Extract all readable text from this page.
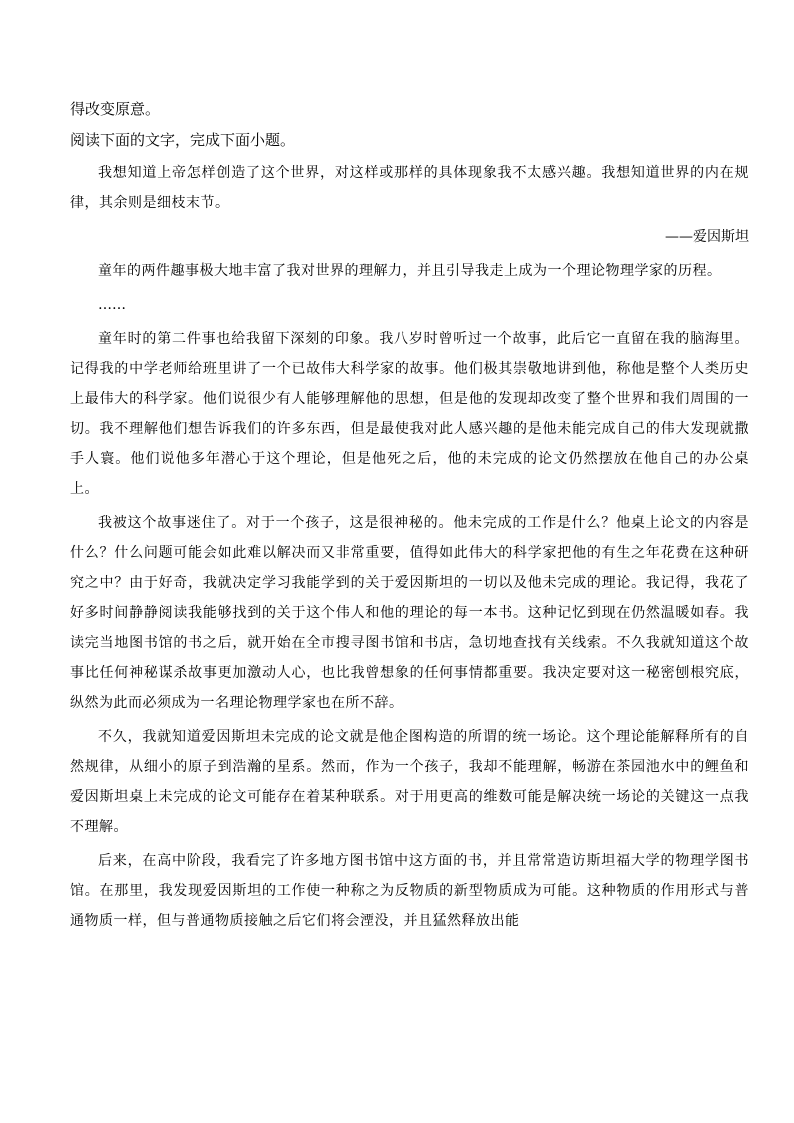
得改变原意。

阅读下面的文字，完成下面小题。

我想知道上帝怎样创造了这个世界，对这样或那样的具体现象我不太感兴趣。我想知道世界的内在规律，其余则是细枝末节。

——爱因斯坦

童年的两件趣事极大地丰富了我对世界的理解力，并且引导我走上成为一个理论物理学家的历程。

……

童年时的第二件事也给我留下深刻的印象。我八岁时曾听过一个故事，此后它一直留在我的脑海里。记得我的中学老师给班里讲了一个已故伟大科学家的故事。他们极其崇敬地讲到他，称他是整个人类历史上最伟大的科学家。他们说很少有人能够理解他的思想，但是他的发现却改变了整个世界和我们周围的一切。我不理解他们想告诉我们的许多东西，但是最使我对此人感兴趣的是他未能完成自己的伟大发现就撒手人寰。他们说他多年潜心于这个理论，但是他死之后，他的未完成的论文仍然摆放在他自己的办公桌上。

我被这个故事迷住了。对于一个孩子，这是很神秘的。他未完成的工作是什么？他桌上论文的内容是什么？什么问题可能会如此难以解决而又非常重要，值得如此伟大的科学家把他的有生之年花费在这种研究之中？由于好奇，我就决定学习我能学到的关于爱因斯坦的一切以及他未完成的理论。我记得，我花了好多时间静静阅读我能够找到的关于这个伟人和他的理论的每一本书。这种记忆到现在仍然温暖如春。我读完当地图书馆的书之后，就开始在全市搜寻图书馆和书店，急切地查找有关线索。不久我就知道这个故事比任何神秘谋杀故事更加激动人心，也比我曾想象的任何事情都重要。我决定要对这一秘密刨根究底，纵然为此而必须成为一名理论物理学家也在所不辞。

不久，我就知道爱因斯坦未完成的论文就是他企图构造的所谓的统一场论。这个理论能解释所有的自然规律，从细小的原子到浩瀚的星系。然而，作为一个孩子，我却不能理解，畅游在茶园池水中的鲤鱼和爱因斯坦桌上未完成的论文可能存在着某种联系。对于用更高的维数可能是解决统一场论的关键这一点我不理解。

后来，在高中阶段，我看完了许多地方图书馆中这方面的书，并且常常造访斯坦福大学的物理学图书馆。在那里，我发现爱因斯坦的工作使一种称之为反物质的新型物质成为可能。这种物质的作用形式与普通物质一样，但与普通物质接触之后它们将会湮没，并且猛然释放出能
